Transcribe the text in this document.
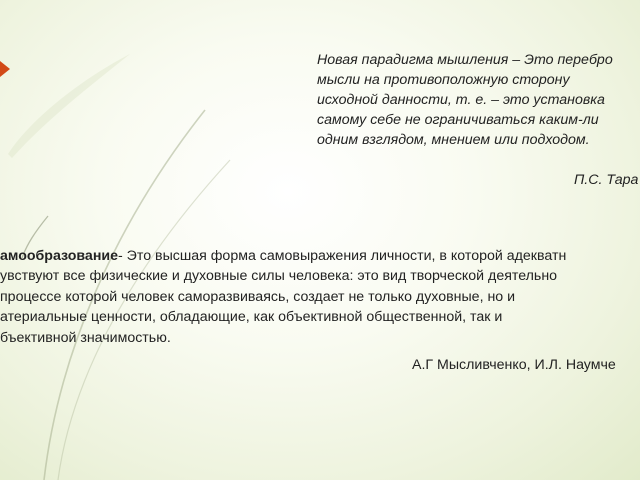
Новая парадигма мышления – Это перебро
мысли на противоположную сторону
исходной данности, т. е. – это установка
самому себе не ограничиваться каким-ли
одним взглядом, мнением или подходом.
П.С. Тара
амообразование- Это высшая форма самовыражения личности, в которой адекватн
увствуют все физические и духовные силы человека: это вид творческой деятельно
процессе которой человек саморазвиваясь, создает не только духовные, но и
атериальные ценности, обладающие, как объективной общественной, так и
бъективной значимостью.
А.Г Мысливченко, И.Л. Наумче
